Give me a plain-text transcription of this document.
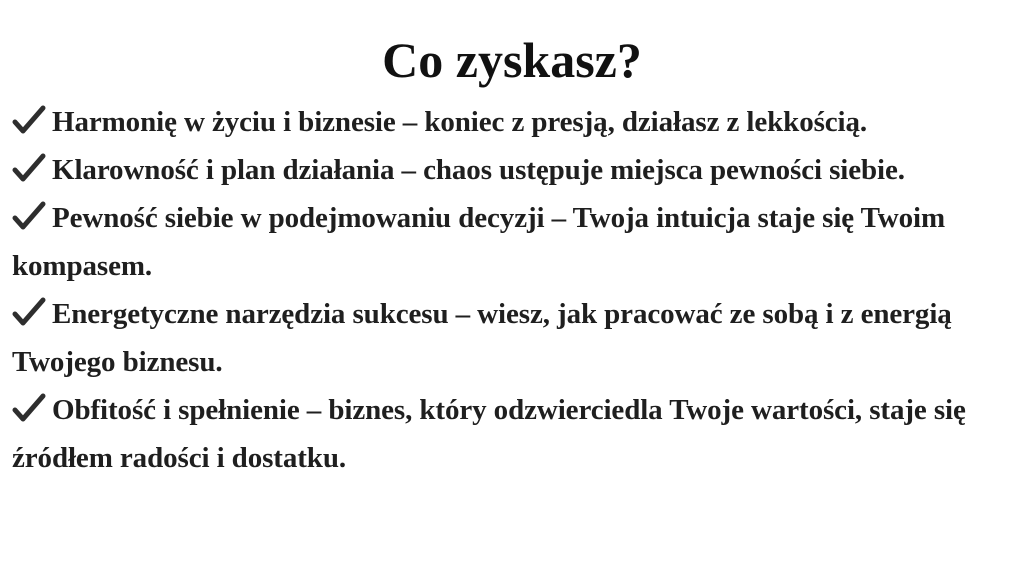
Co zyskasz?
Harmonię w życiu i biznesie – koniec z presją, działasz z lekkością.
Klarowność i plan działania – chaos ustępuje miejsca pewności siebie.
Pewność siebie w podejmowaniu decyzji – Twoja intuicja staje się Twoim kompasem.
Energetyczne narzędzia sukcesu – wiesz, jak pracować ze sobą i z energią Twojego biznesu.
Obfitość i spełnienie – biznes, który odzwierciedla Twoje wartości, staje się źródłem radości i dostatku.
